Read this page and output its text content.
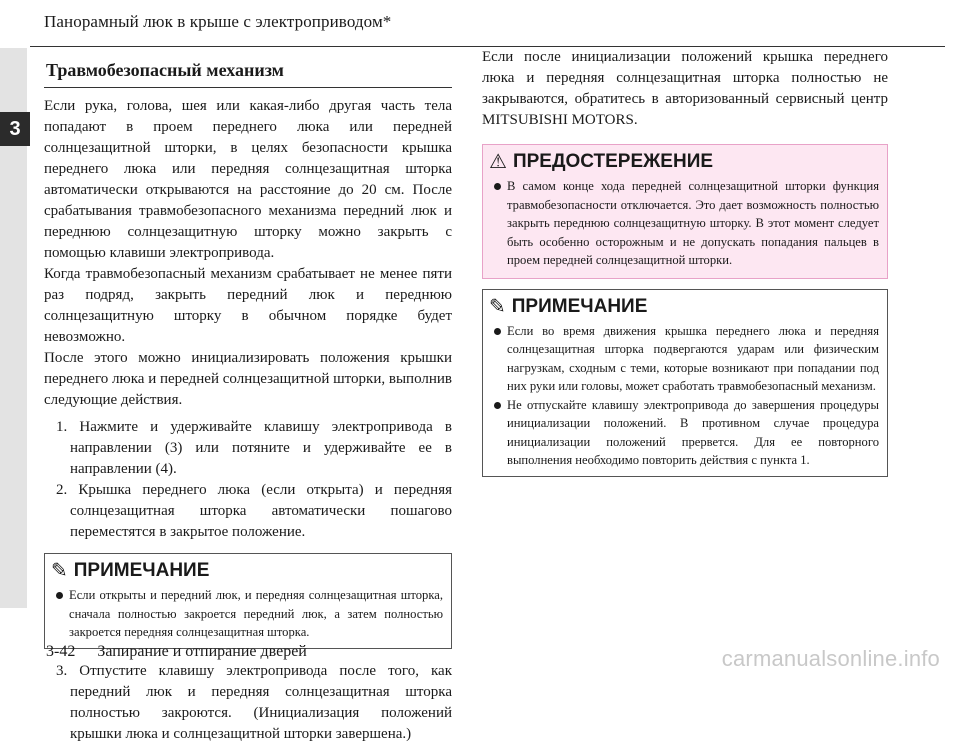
3
Панорамный люк в крыше с электроприводом*
Травмобезопасный механизм

Если рука, голова, шея или какая-либо другая часть тела попадают в проем переднего люка или передней солнцезащитной шторки, в целях безопасности крышка переднего люка или передняя солнцезащитная шторка автоматически открываются на расстояние до 20 см. После срабатывания травмобезопасного механизма передний люк и переднюю солнцезащитную шторку можно закрыть с помощью клавиши электропривода.

Когда травмобезопасный механизм срабатывает не менее пяти раз подряд, закрыть передний люк и переднюю солнцезащитную шторку в обычном порядке будет невозможно.

После этого можно инициализировать положения крышки переднего люка и передней солнцезащитной шторки, выполнив следующие действия.

1. Нажмите и удерживайте клавишу электропривода в направлении (3) или потяните и удерживайте ее в направлении (4).
2. Крышка переднего люка (если открыта) и передняя солнцезащитная шторка автоматически пошагово переместятся в закрытое положение.
✎ ПРИМЕЧАНИЕ
Если открыты и передний люк, и передняя солнцезащитная шторка, сначала полностью закроется передний люк, а затем полностью закроется передняя солнцезащитная шторка.
3. Отпустите клавишу электропривода после того, как передний люк и передняя солнцезащитная шторка полностью закроются. (Инициализация положений крышки люка и солнцезащитной шторки завершена.)

Если после инициализации положений крышка переднего люка и передняя солнцезащитная шторка полностью не закрываются, обратитесь в авторизованный сервисный центр MITSUBISHI MOTORS.

⚠ ПРЕДОСТЕРЕЖЕНИЕ
В самом конце хода передней солнцезащитной шторки функция травмобезопасности отключается. Это дает возможность полностью закрыть переднюю солнцезащитную шторку. В этот момент следует быть особенно осторожным и не допускать попадания пальцев в проем передней солнцезащитной шторки.
✎ ПРИМЕЧАНИЕ
Если во время движения крышка переднего люка и передняя солнцезащитная шторка подвергаются ударам или физическим нагрузкам, сходным с теми, которые возникают при попадании под них руки или головы, может сработать травмобезопасный механизм.
Не отпускайте клавишу электропривода до завершения процедуры инициализации положений. В противном случае процедура инициализации положений прервется. Для ее повторного выполнения необходимо повторить действия с пункта 1.
3-42 Запирание и отпирание дверей	carmanualsonline.info
